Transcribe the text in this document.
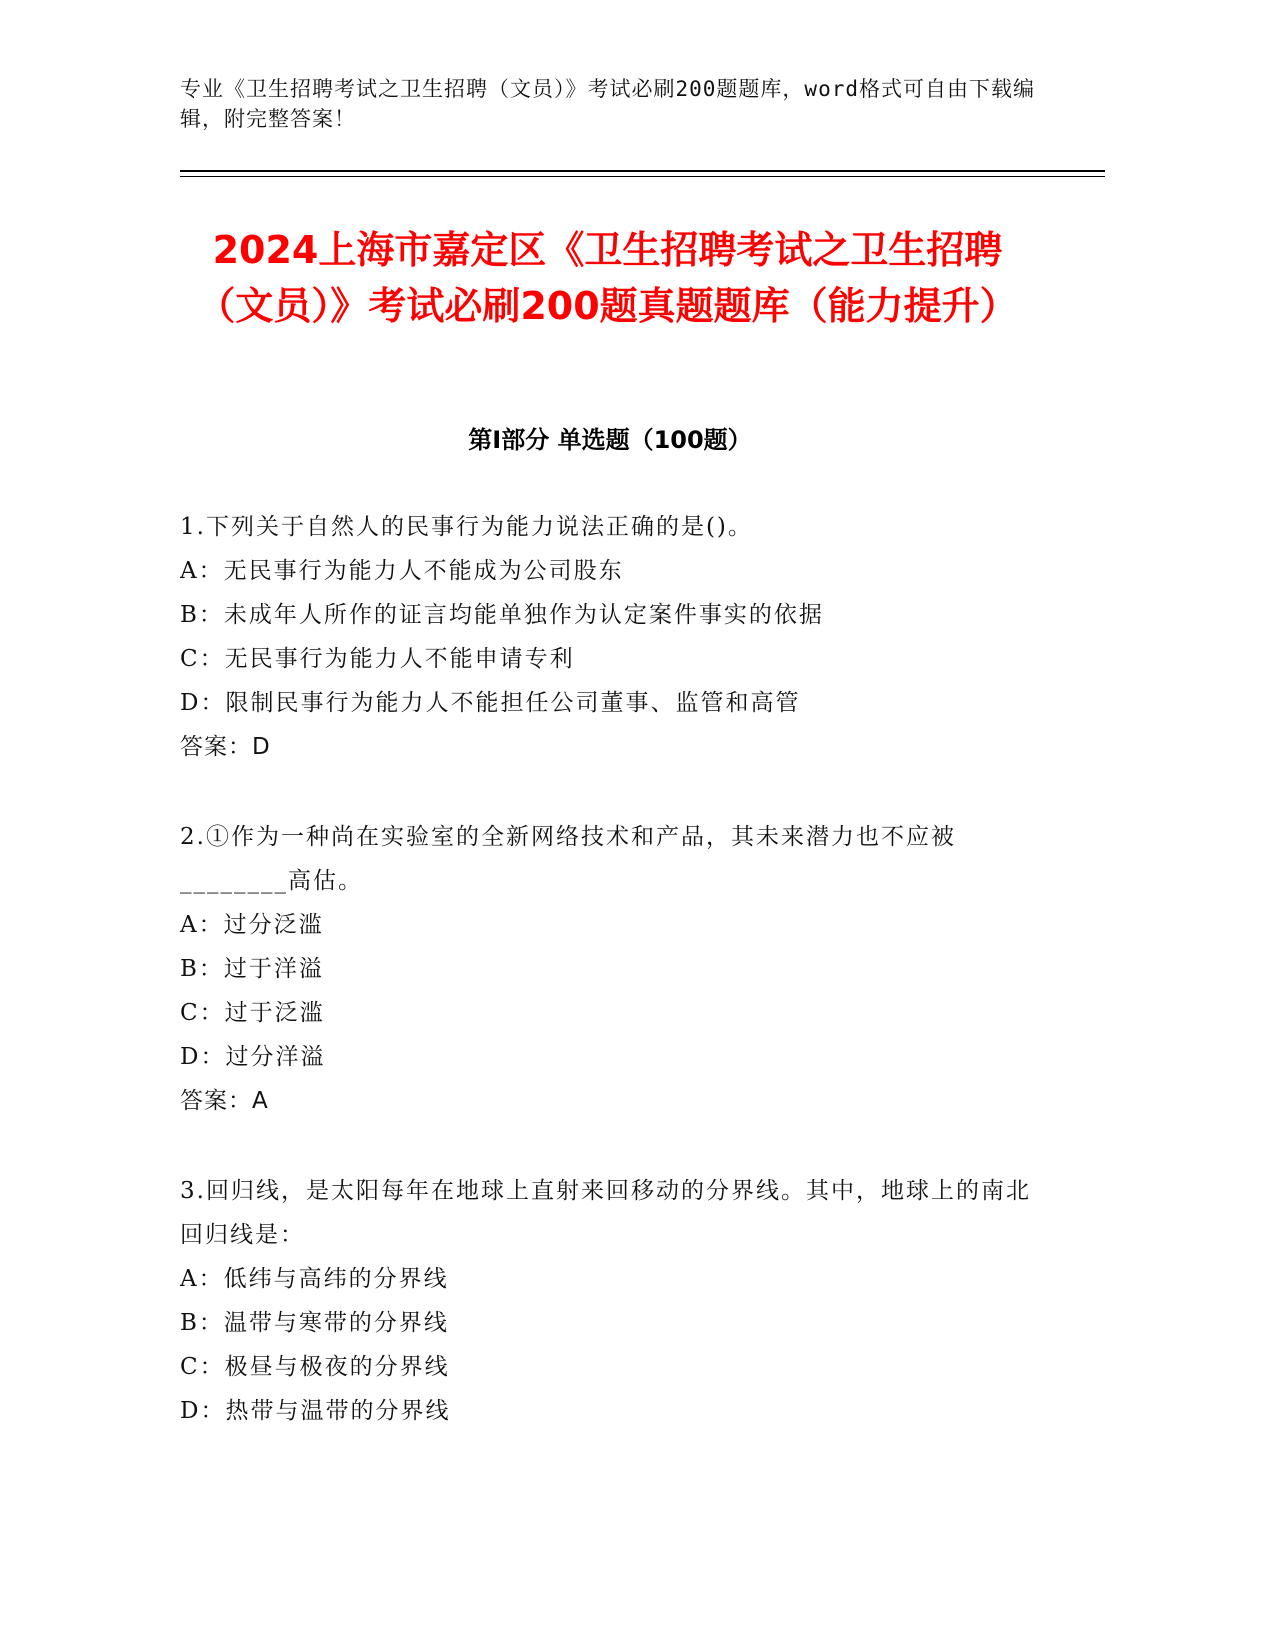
专业《卫生招聘考试之卫生招聘（文员）》考试必刷200题题库，word格式可自由下载编辑，附完整答案！
2024上海市嘉定区《卫生招聘考试之卫生招聘（文员）》考试必刷200题真题题库（能力提升）
第Ⅰ部分 单选题（100题）
1.下列关于自然人的民事行为能力说法正确的是()。
A：无民事行为能力人不能成为公司股东
B：未成年人所作的证言均能单独作为认定案件事实的依据
C：无民事行为能力人不能申请专利
D：限制民事行为能力人不能担任公司董事、监管和高管
答案：D
2.①作为一种尚在实验室的全新网络技术和产品，其未来潜力也不应被________高估。
A：过分泛滥
B：过于洋溢
C：过于泛滥
D：过分洋溢
答案：A
3.回归线，是太阳每年在地球上直射来回移动的分界线。其中，地球上的南北回归线是：
A：低纬与高纬的分界线
B：温带与寒带的分界线
C：极昼与极夜的分界线
D：热带与温带的分界线
